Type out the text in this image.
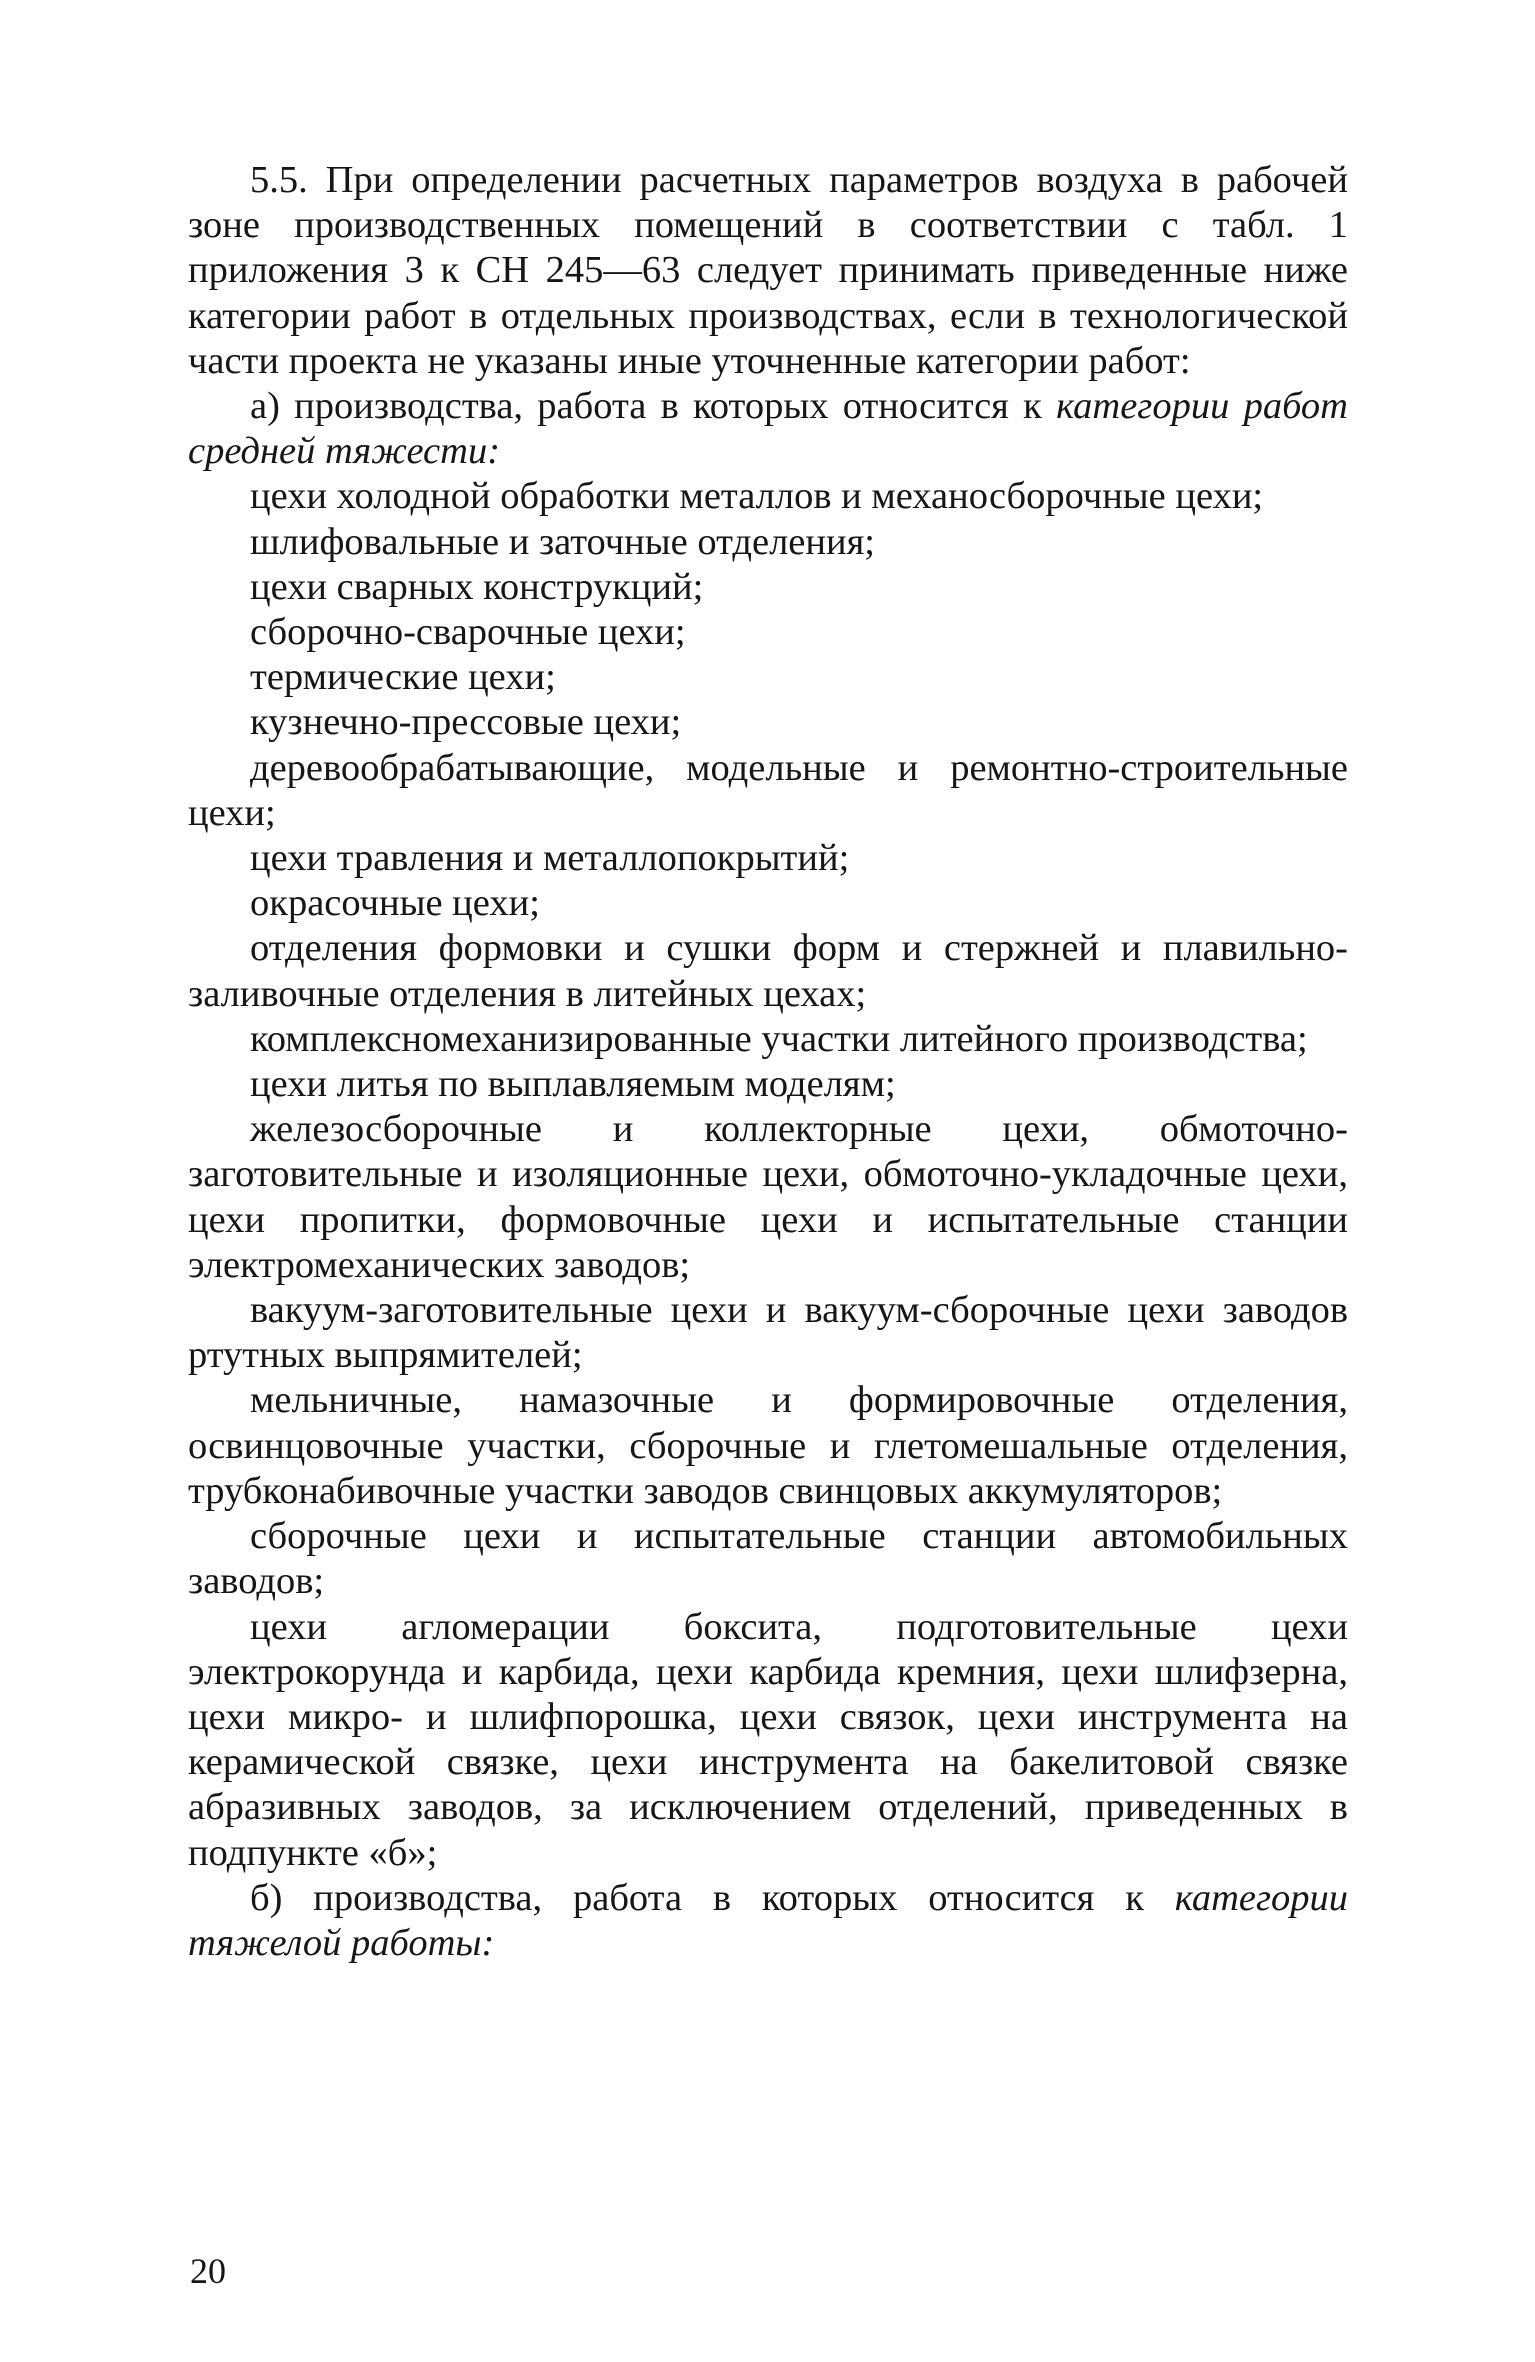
5.5. При определении расчетных параметров воздуха в рабочей зоне производственных помещений в соответствии с табл. 1 приложения 3 к СН 245—63 следует принимать приведенные ниже категории работ в отдельных производствах, если в технологической части проекта не указаны иные уточненные категории работ:

а) производства, работа в которых относится к категории работ средней тяжести:

цехи холодной обработки металлов и механосборочные цехи;

шлифовальные и заточные отделения;

цехи сварных конструкций;

сборочно-сварочные цехи;

термические цехи;

кузнечно-прессовые цехи;

деревообрабатывающие, модельные и ремонтно-строительные цехи;

цехи травления и металлопокрытий;

окрасочные цехи;

отделения формовки и сушки форм и стержней и плавильно-заливочные отделения в литейных цехах;

комплексномеханизированные участки литейного производства;

цехи литья по выплавляемым моделям;

железосборочные и коллекторные цехи, обмоточно-заготовительные и изоляционные цехи, обмоточно-укладочные цехи, цехи пропитки, формовочные цехи и испытательные станции электромеханических заводов;

вакуум-заготовительные цехи и вакуум-сборочные цехи заводов ртутных выпрямителей;

мельничные, намазочные и формировочные отделения, освинцовочные участки, сборочные и глетомешальные отделения, трубконабивочные участки заводов свинцовых аккумуляторов;

сборочные цехи и испытательные станции автомобильных заводов;

цехи агломерации боксита, подготовительные цехи электрокорунда и карбида, цехи карбида кремния, цехи шлифзерна, цехи микро- и шлифпорошка, цехи связок, цехи инструмента на керамической связке, цехи инструмента на бакелитовой связке абразивных заводов, за исключением отделений, приведенных в подпункте «б»;

б) производства, работа в которых относится к категории тяжелой работы:

20
